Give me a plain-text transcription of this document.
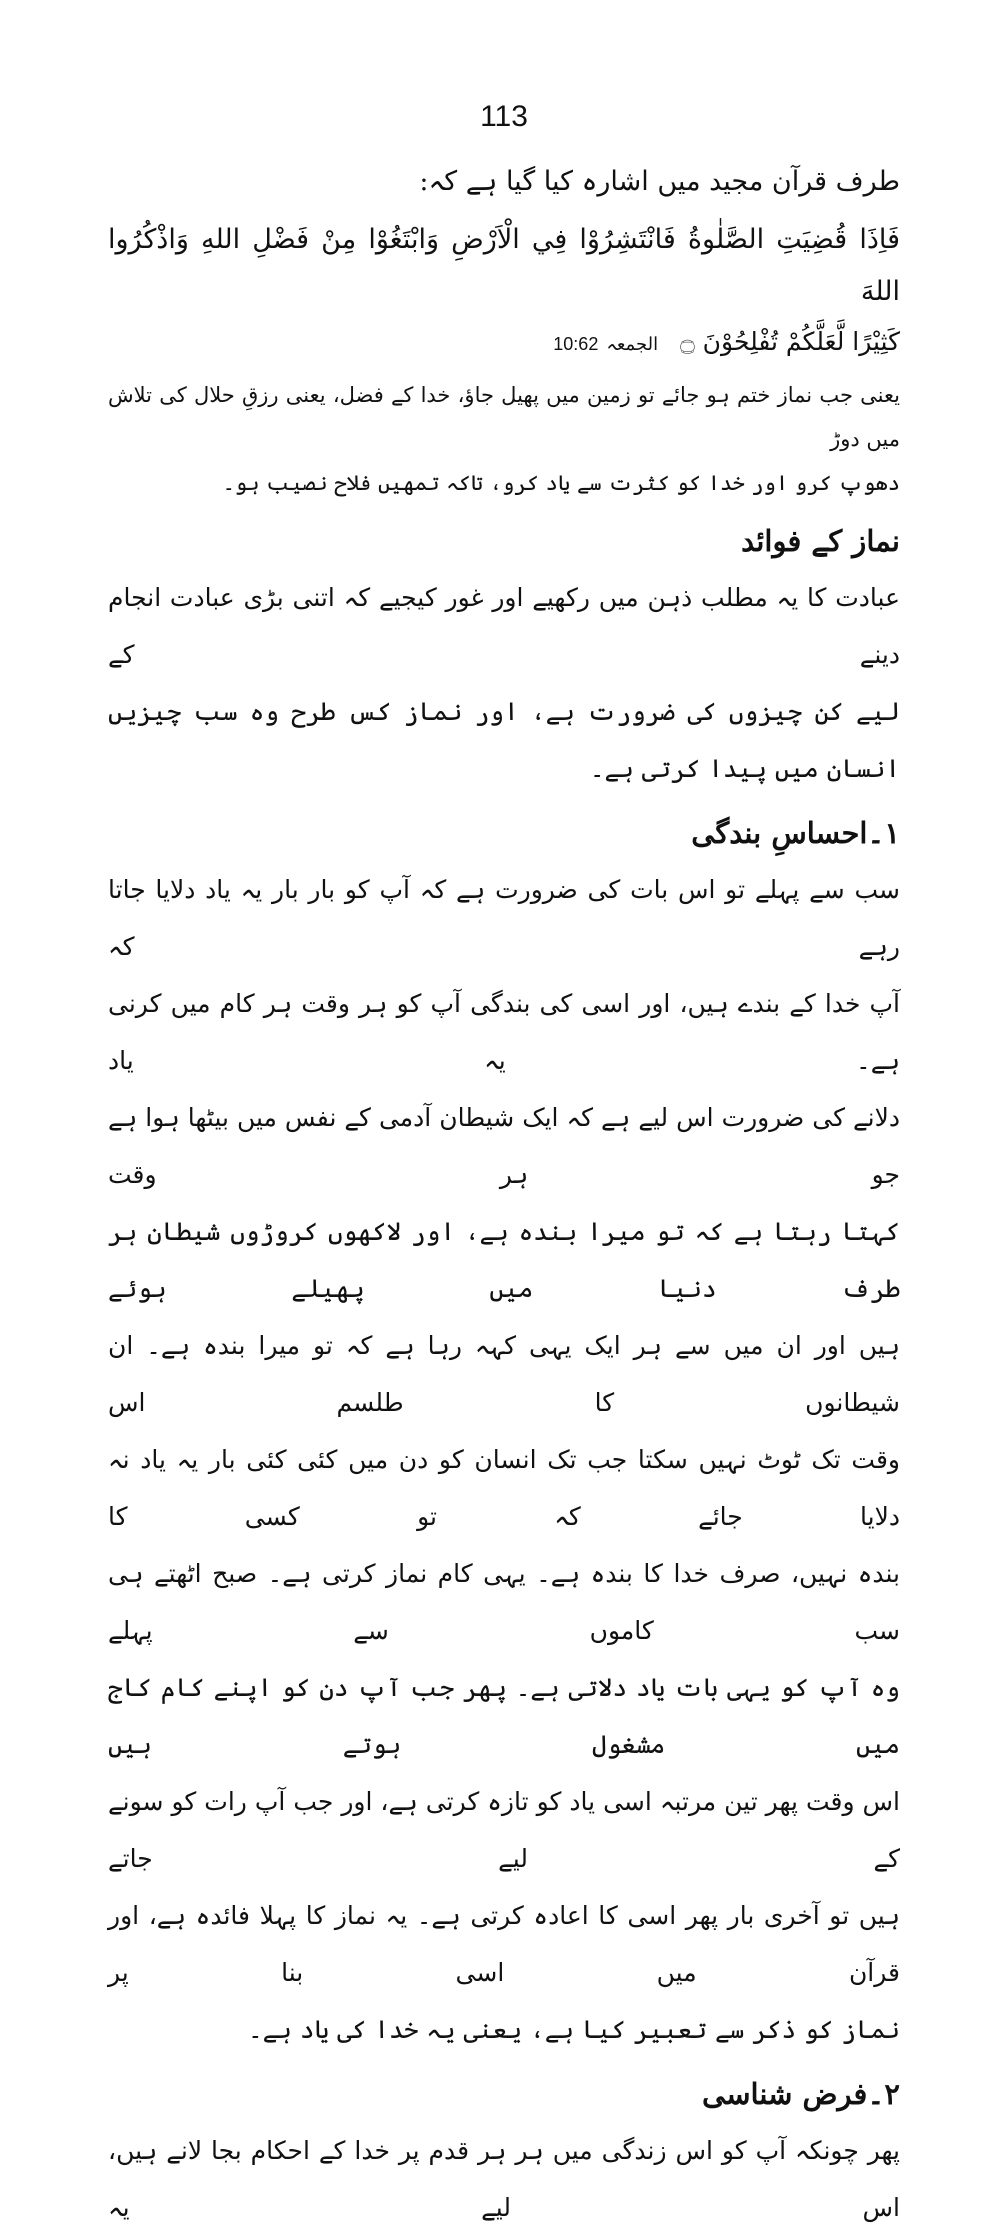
113

طرف قرآن مجید میں اشارہ کیا گیا ہے کہ:

فَاِذَا قُضِيَتِ الصَّلٰوةُ فَانْتَشِرُوْا فِي الْاَرْضِ وَابْتَغُوْا مِنْ فَضْلِ اللهِ وَاذْكُرُوا اللهَ

كَثِيْرًا لَّعَلَّكُمْ تُفْلِحُوْنَ ۝
الجمعہ
10:62

یعنی جب نماز ختم ہو جائے تو زمین میں پھیل جاؤ، خدا کے فضل، یعنی رزقِ حلال کی تلاش میں دوڑ

دھوپ کرو اور خدا کو کثرت سے یاد کرو، تاکہ تمھیں فلاح نصیب ہو۔

نماز کے فوائد

عبادت کا یہ مطلب ذہن میں رکھیے اور غور کیجیے کہ اتنی بڑی عبادت انجام دینے کے
لیے کن چیزوں کی ضرورت ہے، اور نماز کس طرح وہ سب چیزیں انسان میں پیدا کرتی ہے۔

۱۔احساسِ بندگی

سب سے پہلے تو اس بات کی ضرورت ہے کہ آپ کو بار بار یہ یاد دلایا جاتا رہے کہ
آپ خدا کے بندے ہیں، اور اسی کی بندگی آپ کو ہر وقت ہر کام میں کرنی ہے۔ یہ یاد
دلانے کی ضرورت اس لیے ہے کہ ایک شیطان آدمی کے نفس میں بیٹھا ہوا ہے جو ہر وقت
کہتا رہتا ہے کہ تو میرا بندہ ہے، اور لاکھوں کروڑوں شیطان ہر طرف دنیا میں پھیلے ہوئے
ہیں اور ان میں سے ہر ایک یہی کہہ رہا ہے کہ تو میرا بندہ ہے۔ ان شیطانوں کا طلسم اس
وقت تک ٹوٹ نہیں سکتا جب تک انسان کو دن میں کئی کئی بار یہ یاد نہ دلایا جائے کہ تو کسی کا
بندہ نہیں، صرف خدا کا بندہ ہے۔ یہی کام نماز کرتی ہے۔ صبح اٹھتے ہی سب کاموں سے پہلے
وہ آپ کو یہی بات یاد دلاتی ہے۔ پھر جب آپ دن کو اپنے کام کاج میں مشغول ہوتے ہیں
اس وقت پھر تین مرتبہ اسی یاد کو تازہ کرتی ہے، اور جب آپ رات کو سونے کے لیے جاتے
ہیں تو آخری بار پھر اسی کا اعادہ کرتی ہے۔ یہ نماز کا پہلا فائدہ ہے، اور قرآن میں اسی بنا پر
نماز کو ذکر سے تعبیر کیا ہے، یعنی یہ خدا کی یاد ہے۔

۲۔فرض شناسی

پھر چونکہ آپ کو اس زندگی میں ہر ہر قدم پر خدا کے احکام بجا لانے ہیں، اس لیے یہ
